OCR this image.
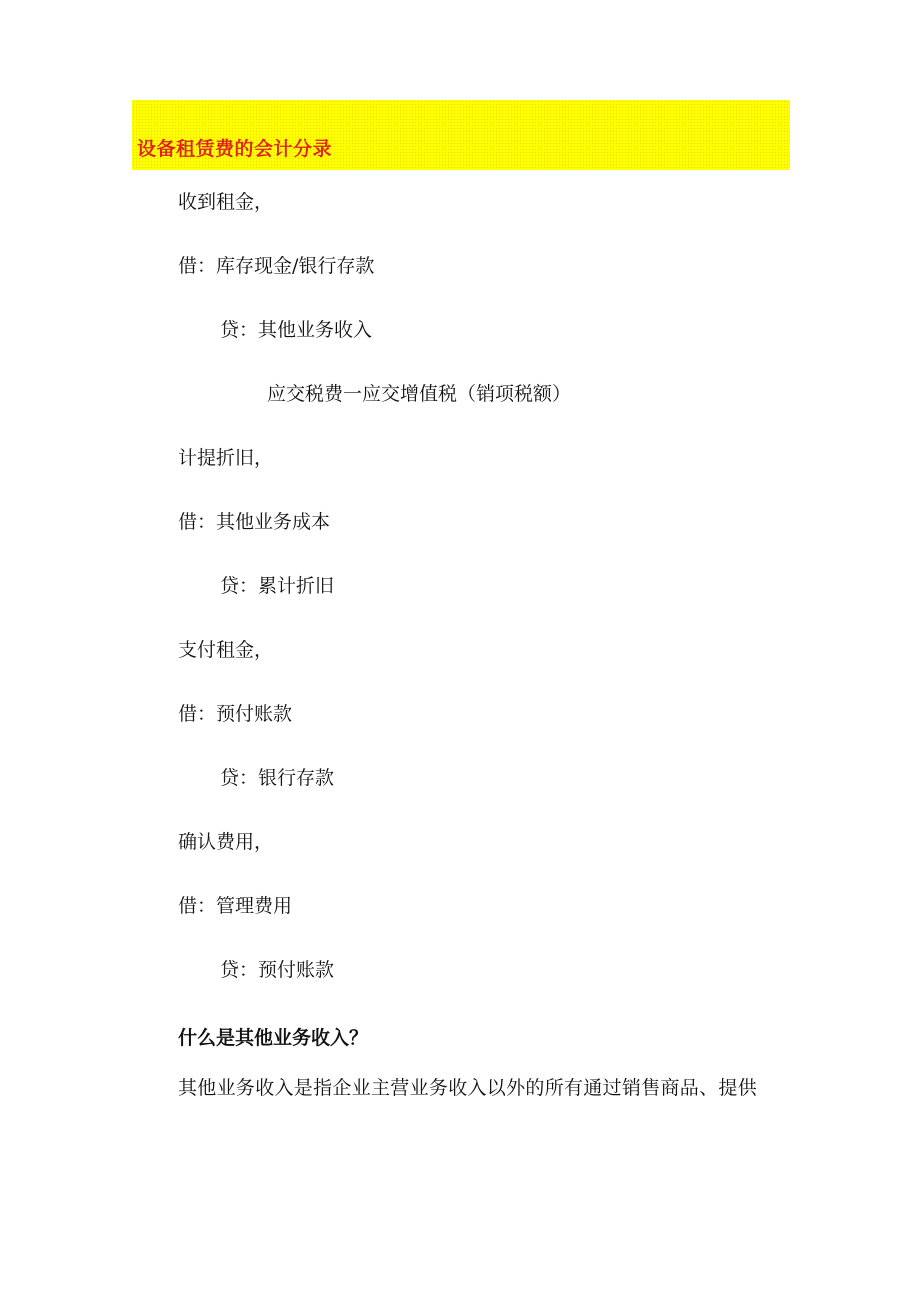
设备租赁费的会计分录
收到租金，
借：库存现金/银行存款
贷：其他业务收入
应交税费一应交增值税（销项税额）
计提折旧，
借：其他业务成本
贷：累计折旧
支付租金，
借：预付账款
贷：银行存款
确认费用，
借：管理费用
贷：预付账款
什么是其他业务收入？
其他业务收入是指企业主营业务收入以外的所有通过销售商品、提供
